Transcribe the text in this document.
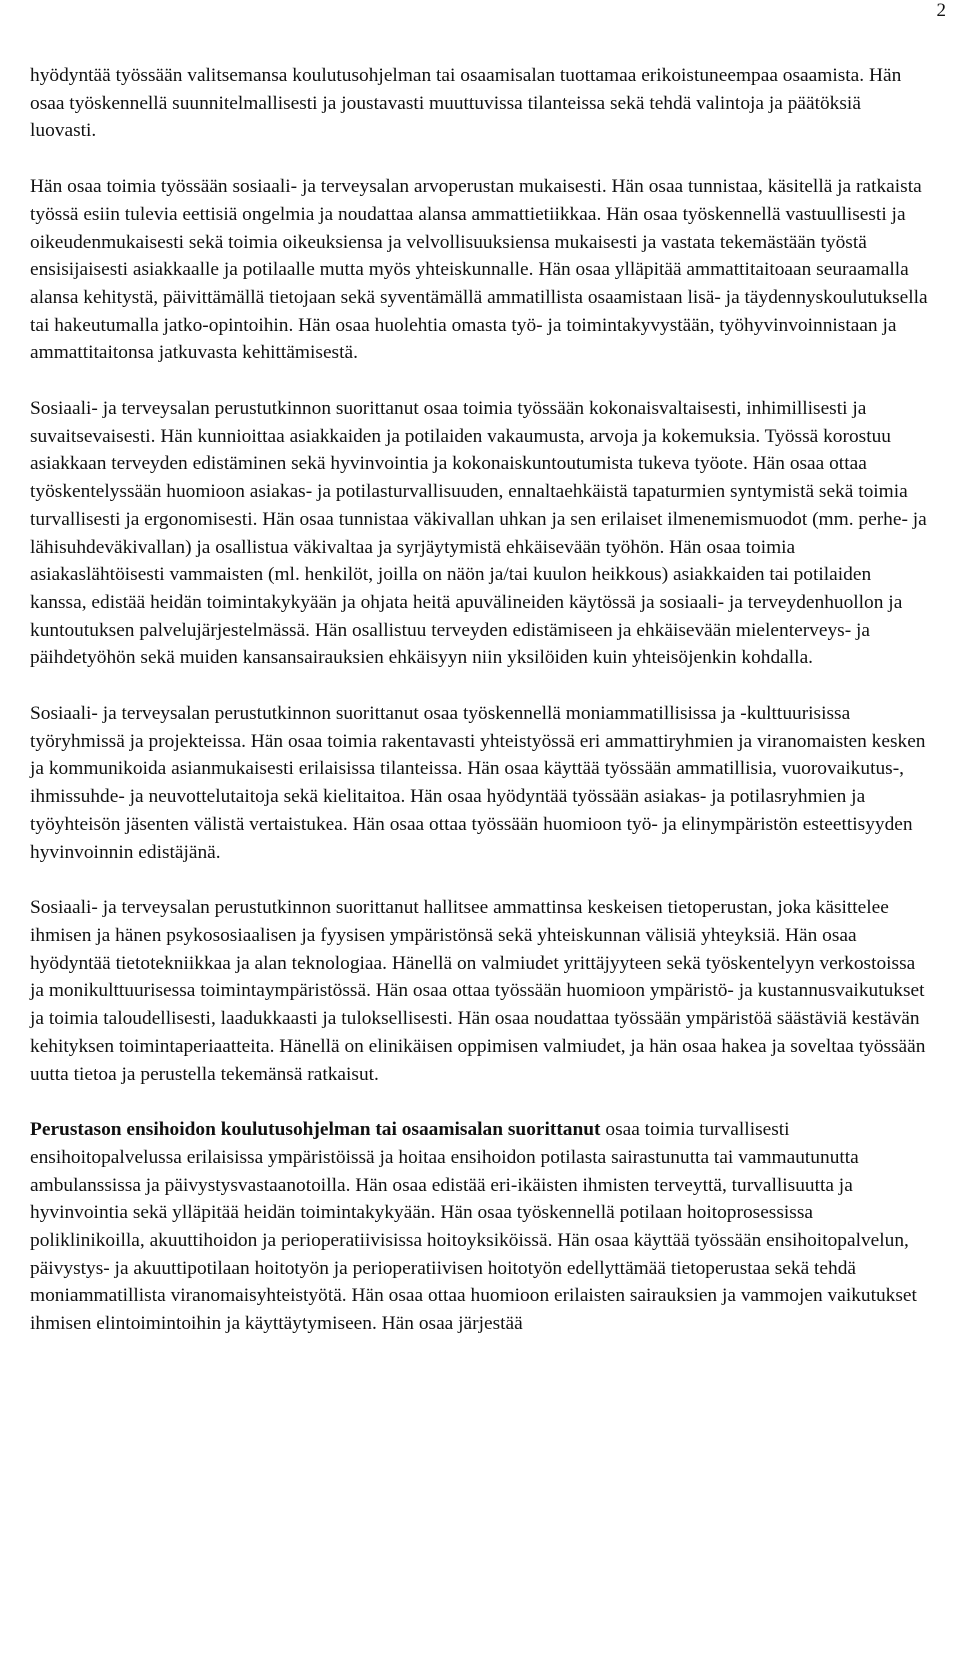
2

hyödyntää työssään valitsemansa koulutusohjelman tai osaamisalan tuottamaa erikoistuneempaa osaamista. Hän osaa työskennellä suunnitelmallisesti ja joustavasti muuttuvissa tilanteissa sekä tehdä valintoja ja päätöksiä luovasti.

Hän osaa toimia työssään sosiaali- ja terveysalan arvoperustan mukaisesti. Hän osaa tunnistaa, käsitellä ja ratkaista työssä esiin tulevia eettisiä ongelmia ja noudattaa alansa ammattietiikkaa. Hän osaa työskennellä vastuullisesti ja oikeudenmukaisesti sekä toimia oikeuksiensa ja velvollisuuksiensa mukaisesti ja vastata tekemästään työstä ensisijaisesti asiakkaalle ja potilaalle mutta myös yhteiskunnalle. Hän osaa ylläpitää ammattitaitoaan seuraamalla alansa kehitystä, päivittämällä tietojaan sekä syventämällä ammatillista osaamistaan lisä- ja täydennyskoulutuksella tai hakeutumalla jatko-opintoihin. Hän osaa huolehtia omasta työ- ja toimintakyvystään, työhyvinvoinnistaan ja ammattitaitonsa jatkuvasta kehittämisestä.

Sosiaali- ja terveysalan perustutkinnon suorittanut osaa toimia työssään kokonaisvaltaisesti, inhimillisesti ja suvaitsevaisesti. Hän kunnioittaa asiakkaiden ja potilaiden vakaumusta, arvoja ja kokemuksia. Työssä korostuu asiakkaan terveyden edistäminen sekä hyvinvointia ja kokonaiskuntoutumista tukeva työote. Hän osaa ottaa työskentelyssään huomioon asiakas- ja potilasturvallisuuden, ennaltaehkäistä tapaturmien syntymistä sekä toimia turvallisesti ja ergonomisesti. Hän osaa tunnistaa väkivallan uhkan ja sen erilaiset ilmenemismuodot (mm. perhe- ja lähisuhdeväkivallan) ja osallistua väkivaltaa ja syrjäytymistä ehkäisevään työhön. Hän osaa toimia asiakaslähtöisesti vammaisten (ml. henkilöt, joilla on näön ja/tai kuulon heikkous) asiakkaiden tai potilaiden kanssa, edistää heidän toimintakykyään ja ohjata heitä apuvälineiden käytössä ja sosiaali- ja terveydenhuollon ja kuntoutuksen palvelujärjestelmässä. Hän osallistuu terveyden edistämiseen ja ehkäisevään mielenterveys- ja päihdetyöhön sekä muiden kansansairauksien ehkäisyyn niin yksilöiden kuin yhteisöjenkin kohdalla.

Sosiaali- ja terveysalan perustutkinnon suorittanut osaa työskennellä moniammatillisissa ja -kulttuurisissa työryhmissä ja projekteissa. Hän osaa toimia rakentavasti yhteistyössä eri ammattiryhmien ja viranomaisten kesken ja kommunikoida asianmukaisesti erilaisissa tilanteissa. Hän osaa käyttää työssään ammatillisia, vuorovaikutus-, ihmissuhde- ja neuvottelutaitoja sekä kielitaitoa. Hän osaa hyödyntää työssään asiakas- ja potilasryhmien ja työyhteisön jäsenten välistä vertaistukea. Hän osaa ottaa työssään huomioon työ- ja elinympäristön esteettisyyden hyvinvoinnin edistäjänä.

Sosiaali- ja terveysalan perustutkinnon suorittanut hallitsee ammattinsa keskeisen tietoperustan, joka käsittelee ihmisen ja hänen psykososiaalisen ja fyysisen ympäristönsä sekä yhteiskunnan välisiä yhteyksiä. Hän osaa hyödyntää tietotekniikkaa ja alan teknologiaa. Hänellä on valmiudet yrittäjyyteen sekä työskentelyyn verkostoissa ja monikulttuurisessa toimintaympäristössä. Hän osaa ottaa työssään huomioon ympäristö- ja kustannusvaikutukset ja toimia taloudellisesti, laadukkaasti ja tuloksellisesti. Hän osaa noudattaa työssään ympäristöä säästäviä kestävän kehityksen toimintaperiaatteita. Hänellä on elinikäisen oppimisen valmiudet, ja hän osaa hakea ja soveltaa työssään uutta tietoa ja perustella tekemänsä ratkaisut.

Perustason ensihoidon koulutusohjelman tai osaamisalan suorittanut osaa toimia turvallisesti ensihoitopalvelussa erilaisissa ympäristöissä ja hoitaa ensihoidon potilasta sairastunutta tai vammautunutta ambulanssissa ja päivystysvastaanotoilla. Hän osaa edistää eri-ikäisten ihmisten terveyttä, turvallisuutta ja hyvinvointia sekä ylläpitää heidän toimintakykyään. Hän osaa työskennellä potilaan hoitoprosessissa poliklinikoilla, akuuttihoidon ja perioperatiivisissa hoitoyksiköissä. Hän osaa käyttää työssään ensihoitopalvelun, päivystys- ja akuuttipotilaan hoitotyön ja perioperatiivisen hoitotyön edellyttämää tietoperustaa sekä tehdä moniammatillista viranomaisyhteistyötä. Hän osaa ottaa huomioon erilaisten sairauksien ja vammojen vaikutukset ihmisen elintoimintoihin ja käyttäytymiseen. Hän osaa järjestää
